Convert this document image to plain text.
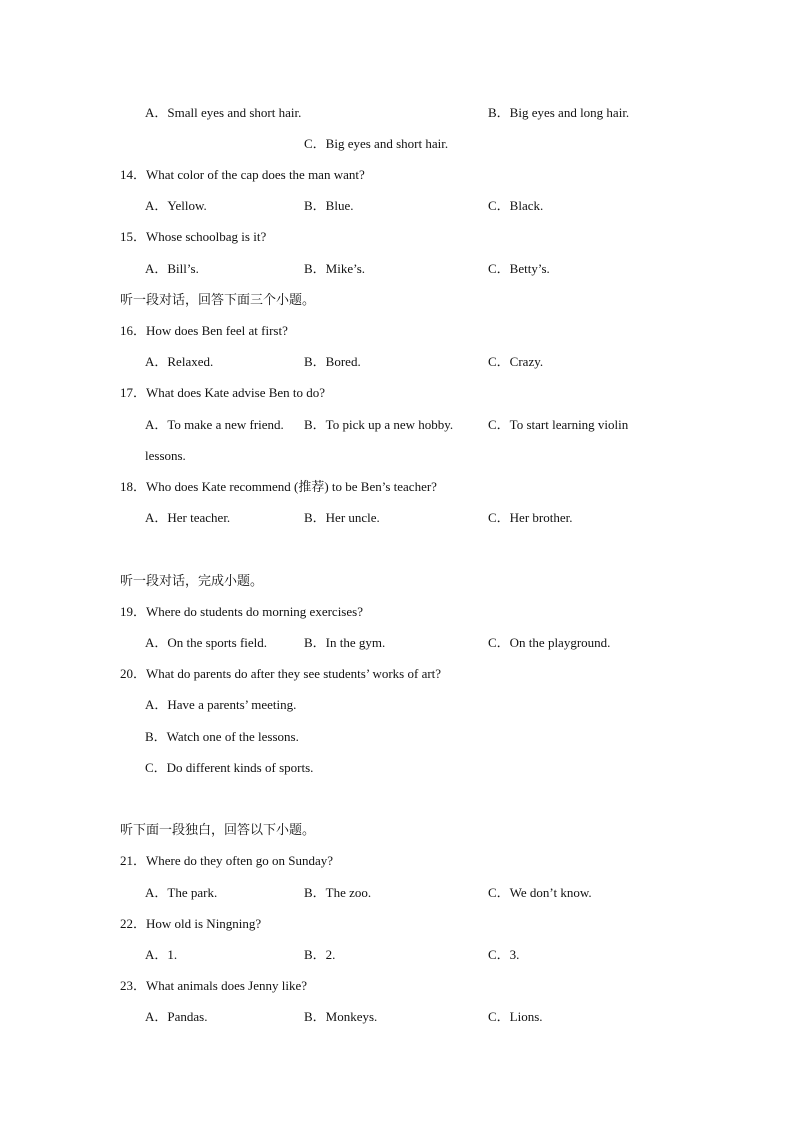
A．Small eyes and short hair.	B．Big eyes and long hair.
C．Big eyes and short hair.
14．What color of the cap does the man want?
A．Yellow.	B．Blue.	C．Black.
15．Whose schoolbag is it?
A．Bill’s.	B．Mike’s.	C．Betty’s.
听一段对话，回答下面三个小题。
16．How does Ben feel at first?
A．Relaxed.	B．Bored.	C．Crazy.
17．What does Kate advise Ben to do?
A．To make a new friend. B．To pick up a new hobby.	C．To start learning violin
lessons.
18．Who does Kate recommend (推荐) to be Ben’s teacher?
A．Her teacher.	B．Her uncle.	C．Her brother.
听一段对话，完成小题。
19．Where do students do morning exercises?
A．On the sports field.	B．In the gym.	C．On the playground.
20．What do parents do after they see students’ works of art?
A．Have a parents’ meeting.
B．Watch one of the lessons.
C．Do different kinds of sports.
听下面一段独白，回答以下小题。
21．Where do they often go on Sunday?
A．The park.	B．The zoo.	C．We don’t know.
22．How old is Ningning?
A．1.	B．2.	C．3.
23．What animals does Jenny like?
A．Pandas.	B．Monkeys.	C．Lions.
